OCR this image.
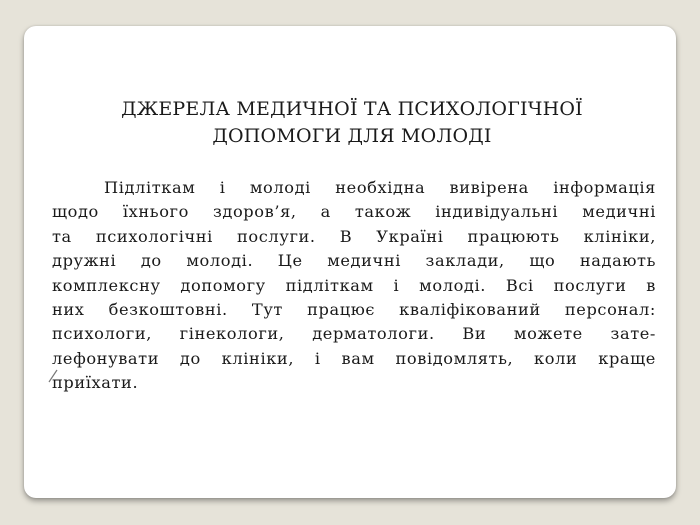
ДЖЕРЕЛА МЕДИЧНОЇ ТА ПСИХОЛОГІЧНОЇ
ДОПОМОГИ ДЛЯ МОЛОДІ

Підліткам і молоді необхідна вивірена інформація
щодо їхнього здоров’я, а також індивідуальні медичні
та психологічні послуги. В Україні працюють клініки,
дружні до молоді. Це медичні заклади, що надають
комплексну допомогу підліткам і молоді. Всі послуги в
них безкоштовні. Тут працює кваліфікований персонал:
психологи, гінекологи, дерматологи. Ви можете зате-
лефонувати до клініки, і вам повідомлять, коли краще
приїхати.
